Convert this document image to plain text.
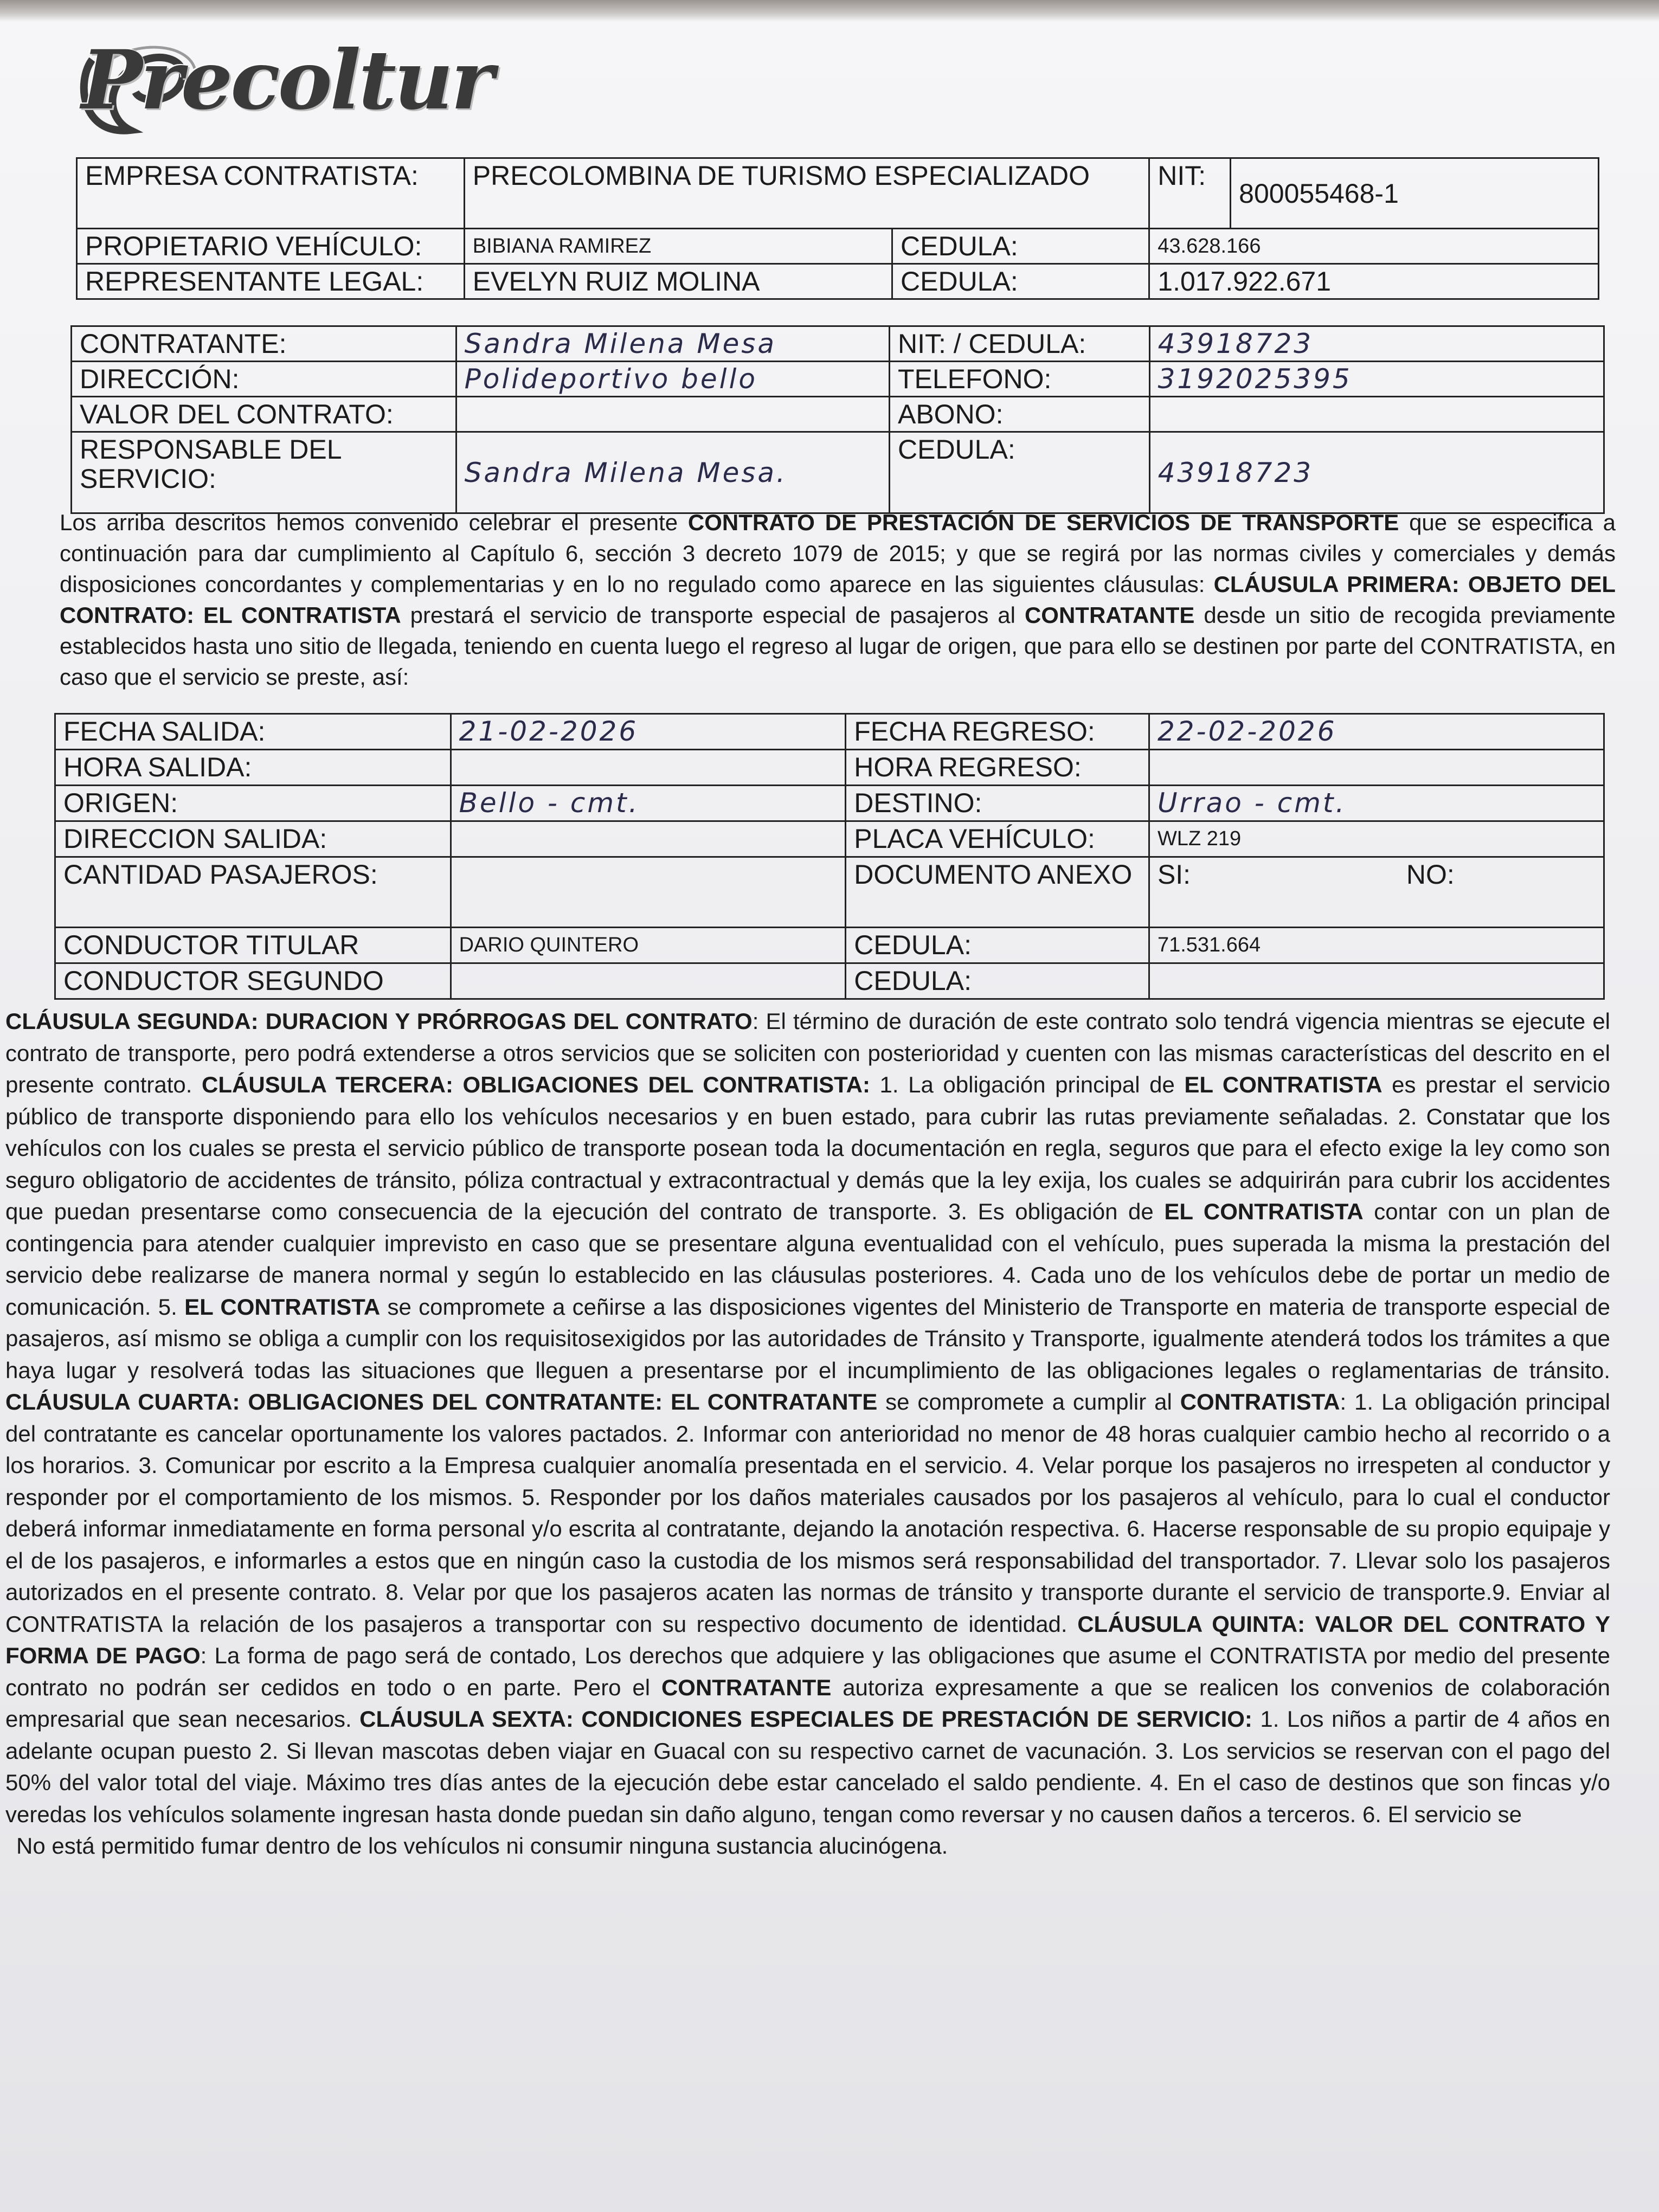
Precoltur
EMPRESA CONTRATISTA:	PRECOLOMBINA DE TURISMO ESPECIALIZADO		NIT:	800055468-1
PROPIETARIO VEHÍCULO:	BIBIANA RAMIREZ	CEDULA:	43.628.166	
REPRESENTANTE LEGAL:	EVELYN RUIZ MOLINA	CEDULA:	1.017.922.671	
CONTRATANTE:	Sandra Milena Mesa	NIT: / CEDULA:	43918723
DIRECCIÓN:	Polideportivo bello	TELEFONO:	3192025395
VALOR DEL CONTRATO:		ABONO:	
RESPONSABLE DEL SERVICIO:	Sandra Milena Mesa.	CEDULA:	43918723
Los arriba descritos hemos convenido celebrar el presente CONTRATO DE PRESTACIÓN DE SERVICIOS DE TRANSPORTE que se especifica a continuación para dar cumplimiento al Capítulo 6, sección 3 decreto 1079 de 2015; y que se regirá por las normas civiles y comerciales y demás disposiciones concordantes y complementarias y en lo no regulado como aparece en las siguientes cláusulas: CLÁUSULA PRIMERA: OBJETO DEL CONTRATO: EL CONTRATISTA prestará el servicio de transporte especial de pasajeros al CONTRATANTE desde un sitio de recogida previamente establecidos hasta uno sitio de llegada, teniendo en cuenta luego el regreso al lugar de origen, que para ello se destinen por parte del CONTRATISTA, en caso que el servicio se preste, así:
FECHA SALIDA:	21-02-2026	FECHA REGRESO:	22-02-2026
HORA SALIDA:		HORA REGRESO:	
ORIGEN:	Bello - cmt.	DESTINO:	Urrao - cmt.
DIRECCION SALIDA:		PLACA VEHÍCULO:	WLZ 219
CANTIDAD PASAJEROS:		DOCUMENTO ANEXO	SI: NO:
CONDUCTOR TITULAR	DARIO QUINTERO	CEDULA:	71.531.664
CONDUCTOR SEGUNDO		CEDULA:	
CLÁUSULA SEGUNDA: DURACION Y PRÓRROGAS DEL CONTRATO: El término de duración de este contrato solo tendrá vigencia mientras se ejecute el contrato de transporte, pero podrá extenderse a otros servicios que se soliciten con posterioridad y cuenten con las mismas características del descrito en el presente contrato. CLÁUSULA TERCERA: OBLIGACIONES DEL CONTRATISTA: 1. La obligación principal de EL CONTRATISTA es prestar el servicio público de transporte disponiendo para ello los vehículos necesarios y en buen estado, para cubrir las rutas previamente señaladas. 2. Constatar que los vehículos con los cuales se presta el servicio público de transporte posean toda la documentación en regla, seguros que para el efecto exige la ley como son seguro obligatorio de accidentes de tránsito, póliza contractual y extracontractual y demás que la ley exija, los cuales se adquirirán para cubrir los accidentes que puedan presentarse como consecuencia de la ejecución del contrato de transporte. 3. Es obligación de EL CONTRATISTA contar con un plan de contingencia para atender cualquier imprevisto en caso que se presentare alguna eventualidad con el vehículo, pues superada la misma la prestación del servicio debe realizarse de manera normal y según lo establecido en las cláusulas posteriores. 4. Cada uno de los vehículos debe de portar un medio de comunicación. 5. EL CONTRATISTA se compromete a ceñirse a las disposiciones vigentes del Ministerio de Transporte en materia de transporte especial de pasajeros, así mismo se obliga a cumplir con los requisitosexigidos por las autoridades de Tránsito y Transporte, igualmente atenderá todos los trámites a que haya lugar y resolverá todas las situaciones que lleguen a presentarse por el incumplimiento de las obligaciones legales o reglamentarias de tránsito. CLÁUSULA CUARTA: OBLIGACIONES DEL CONTRATANTE: EL CONTRATANTE se compromete a cumplir al CONTRATISTA: 1. La obligación principal del contratante es cancelar oportunamente los valores pactados. 2. Informar con anterioridad no menor de 48 horas cualquier cambio hecho al recorrido o a los horarios. 3. Comunicar por escrito a la Empresa cualquier anomalía presentada en el servicio. 4. Velar porque los pasajeros no irrespeten al conductor y responder por el comportamiento de los mismos. 5. Responder por los daños materiales causados por los pasajeros al vehículo, para lo cual el conductor deberá informar inmediatamente en forma personal y/o escrita al contratante, dejando la anotación respectiva. 6. Hacerse responsable de su propio equipaje y el de los pasajeros, e informarles a estos que en ningún caso la custodia de los mismos será responsabilidad del transportador. 7. Llevar solo los pasajeros autorizados en el presente contrato. 8. Velar por que los pasajeros acaten las normas de tránsito y transporte durante el servicio de transporte.9. Enviar al CONTRATISTA la relación de los pasajeros a transportar con su respectivo documento de identidad. CLÁUSULA QUINTA: VALOR DEL CONTRATO Y FORMA DE PAGO: La forma de pago será de contado, Los derechos que adquiere y las obligaciones que asume el CONTRATISTA por medio del presente contrato no podrán ser cedidos en todo o en parte. Pero el CONTRATANTE autoriza expresamente a que se realicen los convenios de colaboración empresarial que sean necesarios. CLÁUSULA SEXTA: CONDICIONES ESPECIALES DE PRESTACIÓN DE SERVICIO: 1. Los niños a partir de 4 años en adelante ocupan puesto 2. Si llevan mascotas deben viajar en Guacal con su respectivo carnet de vacunación. 3. Los servicios se reservan con el pago del 50% del valor total del viaje. Máximo tres días antes de la ejecución debe estar cancelado el saldo pendiente. 4. En el caso de destinos que son fincas y/o veredas los vehículos solamente ingresan hasta donde puedan sin daño alguno, tengan como reversar y no causen daños a terceros. 6. El servicio se
No está permitido fumar dentro de los vehículos ni consumir ninguna sustancia alucinógena.
